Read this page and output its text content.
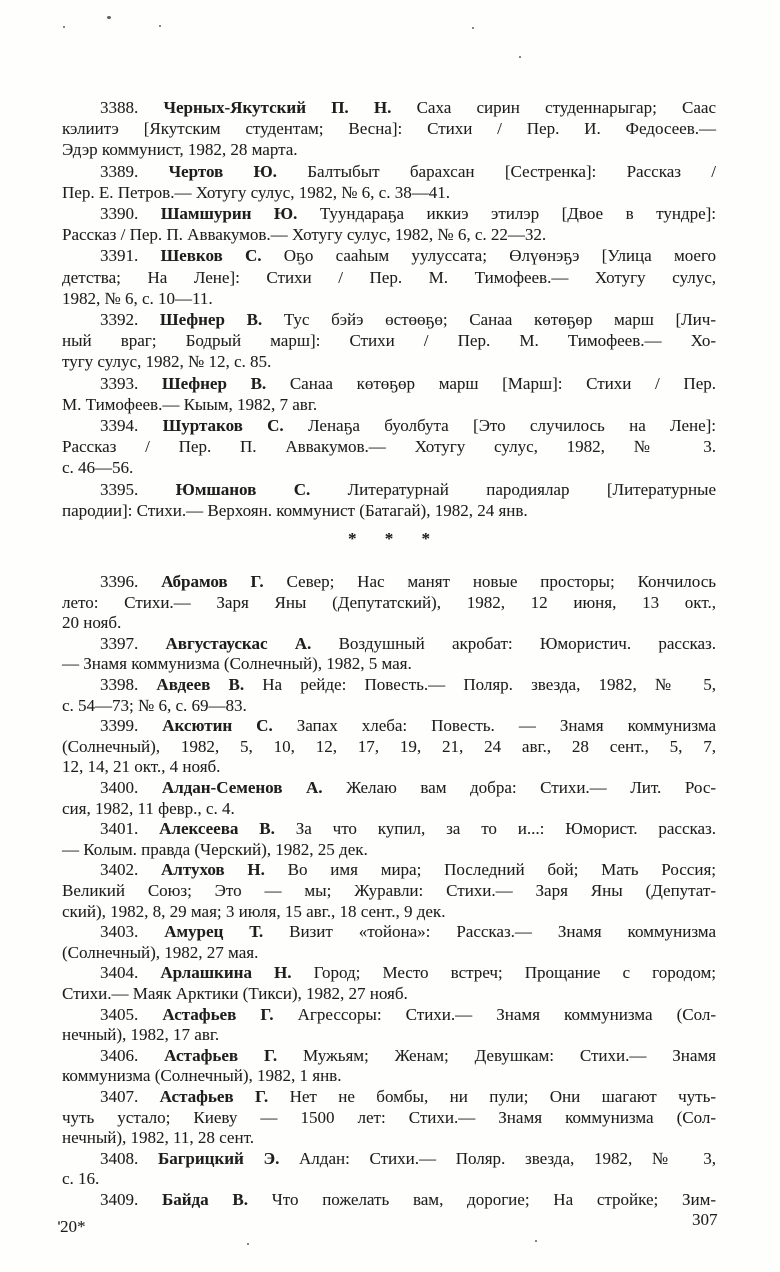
3388. Черных-Якутский П. Н. Саха сирин студеннарыгар; Саас
кэлиитэ [Якутским студентам; Весна]: Стихи / Пер. И. Федосеев.—
Эдэр коммунист, 1982, 28 марта.

3389. Чертов Ю. Балтыбыт барахсан [Сестренка]: Рассказ /
Пер. Е. Петров.— Хотугу сулус, 1982, № 6, с. 38—41.

3390. Шамшурин Ю. Туундараҕа иккиэ этилэр [Двое в тундре]:
Рассказ / Пер. П. Аввакумов.— Хотугу сулус, 1982, № 6, с. 22—32.

3391. Шевков С. Оҕо сааһым уулуссата; Өлүөнэҕэ [Улица моего
детства; На Лене]: Стихи / Пер. М. Тимофеев.— Хотугу сулус,
1982, № 6, с. 10—11.

3392. Шефнер В. Тус бэйэ өстөөҕө; Санаа көтөҕөр марш [Лич-
ный враг; Бодрый марш]: Стихи / Пер. М. Тимофеев.— Хо-
тугу сулус, 1982, № 12, с. 85.

3393. Шефнер В. Санаа көтөҕөр марш [Марш]: Стихи / Пер.
М. Тимофеев.— Кыым, 1982, 7 авг.

3394. Шуртаков С. Ленаҕа буолбута [Это случилось на Лене]:
Рассказ / Пер. П. Аввакумов.— Хотугу сулус, 1982, № 3.
с. 46—56.

3395. Юмшанов С. Литературнай пародиялар [Литературные
пародии]: Стихи.— Верхоян. коммунист (Батагай), 1982, 24 янв.

* * *

3396. Абрамов Г. Север; Нас манят новые просторы; Кончилось
лето: Стихи.— Заря Яны (Депутатский), 1982, 12 июня, 13 окт.,
20 нояб.

3397. Августаускас А. Воздушный акробат: Юмористич. рассказ.
— Знамя коммунизма (Солнечный), 1982, 5 мая.

3398. Авдеев В. На рейде: Повесть.— Поляр. звезда, 1982, № 5,
с. 54—73; № 6, с. 69—83.

3399. Аксютин С. Запах хлеба: Повесть. — Знамя коммунизма
(Солнечный), 1982, 5, 10, 12, 17, 19, 21, 24 авг., 28 сент., 5, 7,
12, 14, 21 окт., 4 нояб.

3400. Алдан-Семенов А. Желаю вам добра: Стихи.— Лит. Рос-
сия, 1982, 11 февр., с. 4.

3401. Алексеева В. За что купил, за то и...: Юморист. рассказ.
— Колым. правда (Черский), 1982, 25 дек.

3402. Алтухов Н. Во имя мира; Последний бой; Мать Россия;
Великий Союз; Это — мы; Журавли: Стихи.— Заря Яны (Депутат-
ский), 1982, 8, 29 мая; 3 июля, 15 авг., 18 сент., 9 дек.

3403. Амурец Т. Визит «тойона»: Рассказ.— Знамя коммунизма
(Солнечный), 1982, 27 мая.

3404. Арлашкина Н. Город; Место встреч; Прощание с городом;
Стихи.— Маяк Арктики (Тикси), 1982, 27 нояб.

3405. Астафьев Г. Агрессоры: Стихи.— Знамя коммунизма (Сол-
нечный), 1982, 17 авг.

3406. Астафьев Г. Мужьям; Женам; Девушкам: Стихи.— Знамя
коммунизма (Солнечный), 1982, 1 янв.

3407. Астафьев Г. Нет не бомбы, ни пули; Они шагают чуть-
чуть устало; Киеву — 1500 лет: Стихи.— Знамя коммунизма (Сол-
нечный), 1982, 11, 28 сент.

3408. Багрицкий Э. Алдан: Стихи.— Поляр. звезда, 1982, № 3,
с. 16.

3409. Байда В. Что пожелать вам, дорогие; На стройке; Зим-

20*	307
